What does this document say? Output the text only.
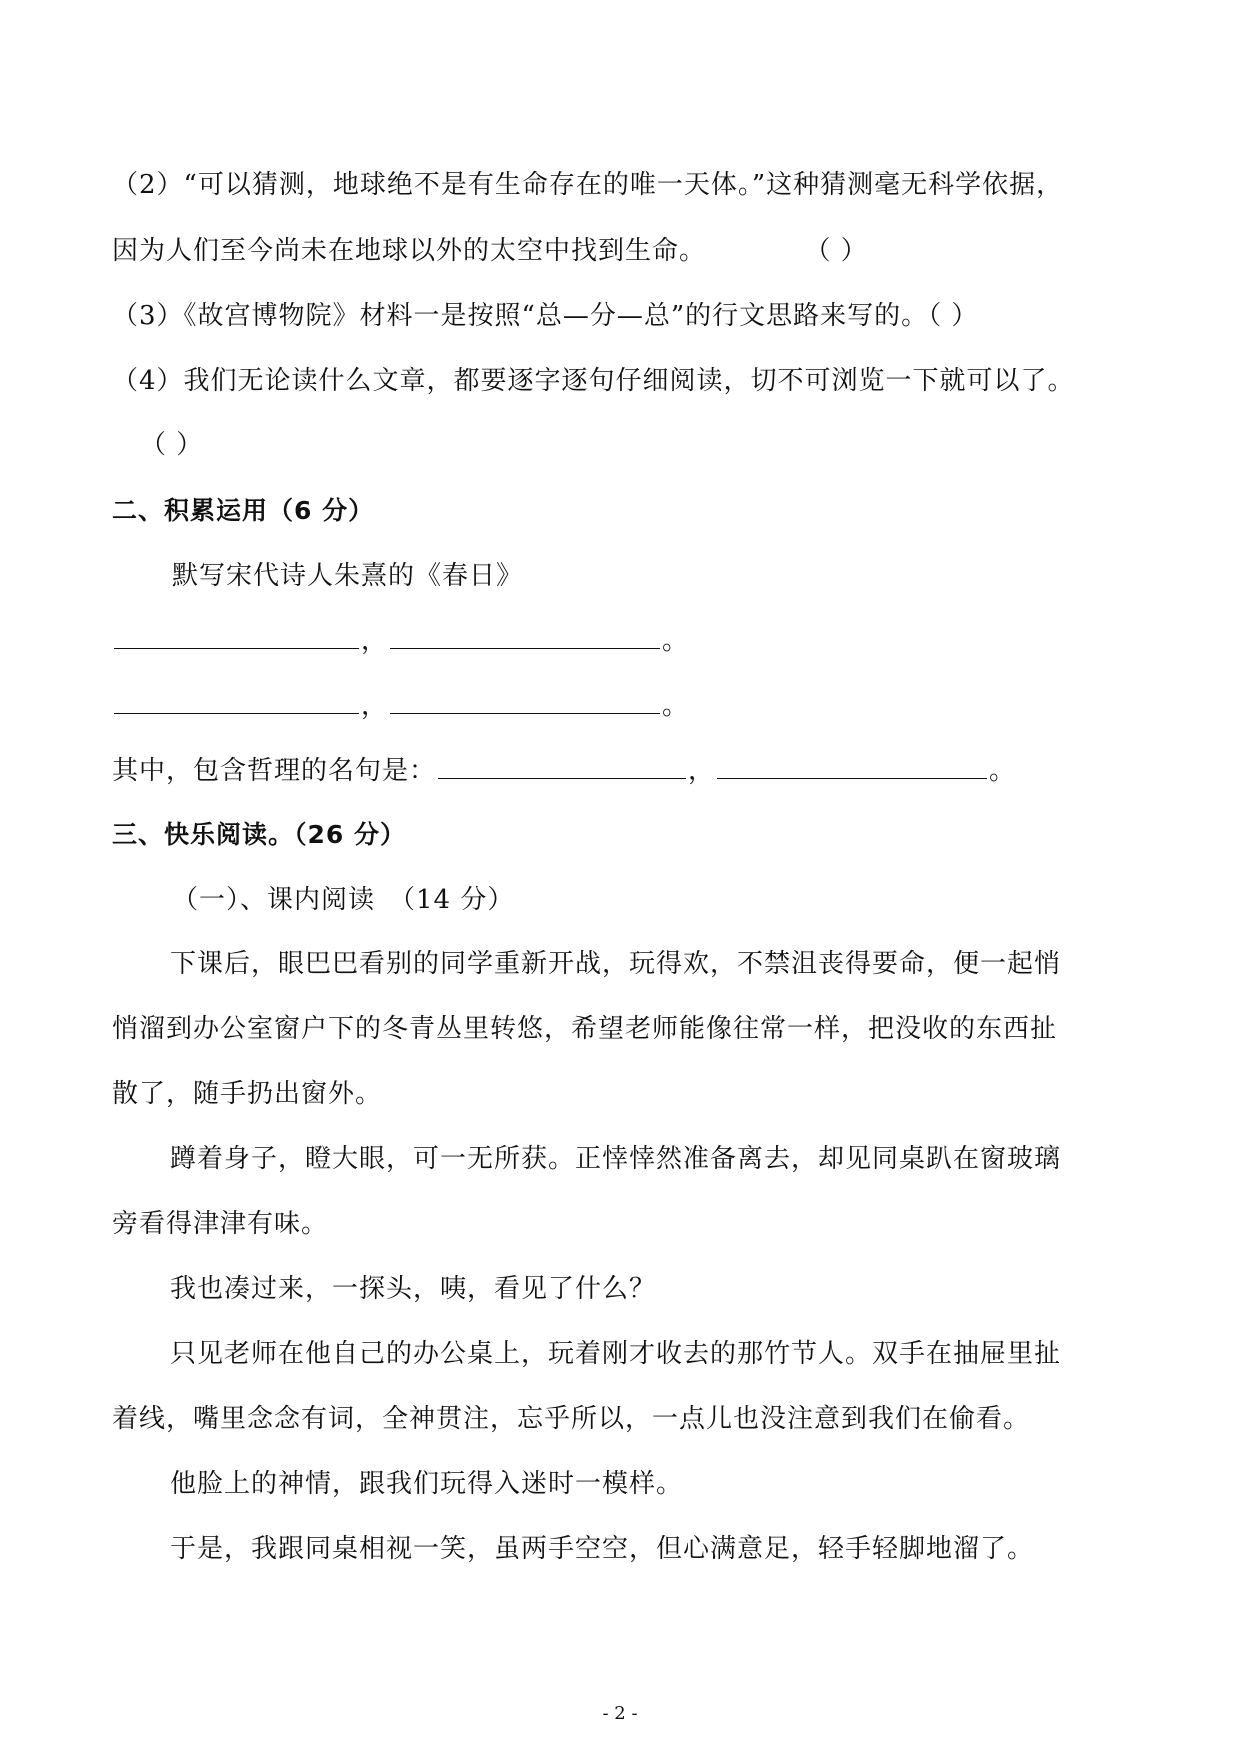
（2）“可以猜测，地球绝不是有生命存在的唯一天体。”这种猜测毫无科学依据，
因为人们至今尚未在地球以外的太空中找到生命。	（ ）
（3）《故宫博物院》材料一是按照“总—分—总”的行文思路来写的。（ ）
（4）我们无论读什么文章，都要逐字逐句仔细阅读，切不可浏览一下就可以了。
（ ）
二、积累运用（6 分）
默写宋代诗人朱熹的《春日》
，	。
，	。
其中，包含哲理的名句是：	，	。
三、快乐阅读。（26 分）
（一）、课内阅读　（14 分）
下课后，眼巴巴看别的同学重新开战，玩得欢，不禁沮丧得要命，便一起悄
悄溜到办公室窗户下的冬青丛里转悠，希望老师能像往常一样，把没收的东西扯
散了，随手扔出窗外。
蹲着身子，瞪大眼，可一无所获。正悻悻然准备离去，却见同桌趴在窗玻璃
旁看得津津有味。
我也凑过来，一探头，咦，看见了什么？
只见老师在他自己的办公桌上，玩着刚才收去的那竹节人。双手在抽屉里扯
着线，嘴里念念有词，全神贯注，忘乎所以，一点儿也没注意到我们在偷看。
他脸上的神情，跟我们玩得入迷时一模样。
于是，我跟同桌相视一笑，虽两手空空，但心满意足，轻手轻脚地溜了。
- 2 -
